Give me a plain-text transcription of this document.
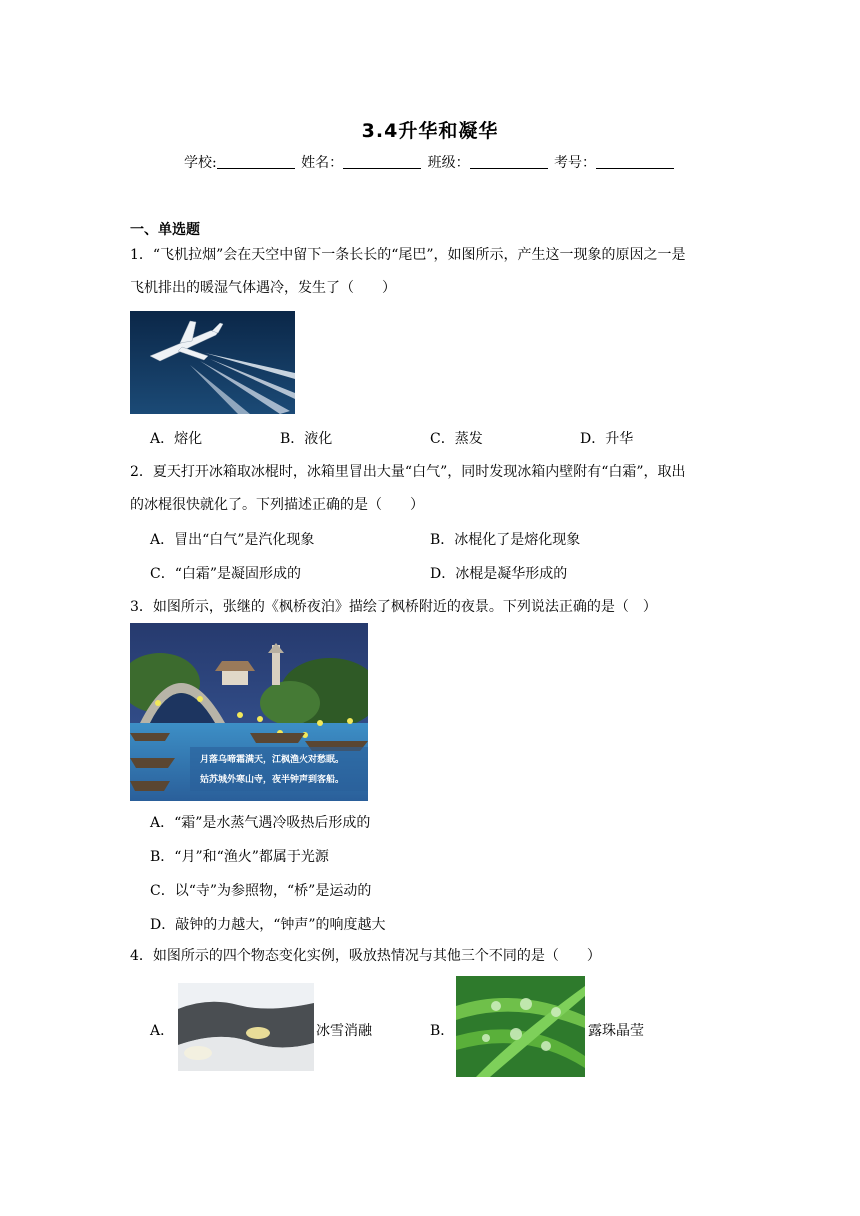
3.4升华和凝华
学校:	姓名：	班级：	考号：
一、单选题
1．“飞机拉烟”会在天空中留下一条长长的“尾巴”，如图所示，产生这一现象的原因之一是
飞机排出的暖湿气体遇冷，发生了（　　）
A．熔化	B．液化	C．蒸发	D．升华
2．夏天打开冰箱取冰棍时，冰箱里冒出大量“白气”，同时发现冰箱内壁附有“白霜”，取出
的冰棍很快就化了。下列描述正确的是（　　）
A．冒出“白气”是汽化现象	B．冰棍化了是熔化现象
C．“白霜”是凝固形成的	D．冰棍是凝华形成的
3．如图所示，张继的《枫桥夜泊》描绘了枫桥附近的夜景。下列说法正确的是（　）
月落乌啼霜满天，江枫渔火对愁眠。
姑苏城外寒山寺，夜半钟声到客船。
A．“霜”是水蒸气遇冷吸热后形成的
B．“月”和“渔火”都属于光源
C．以“寺”为参照物，“桥”是运动的
D．敲钟的力越大，“钟声”的响度越大
4．如图所示的四个物态变化实例，吸放热情况与其他三个不同的是（　　）
A．	冰雪消融	B．	露珠晶莹
